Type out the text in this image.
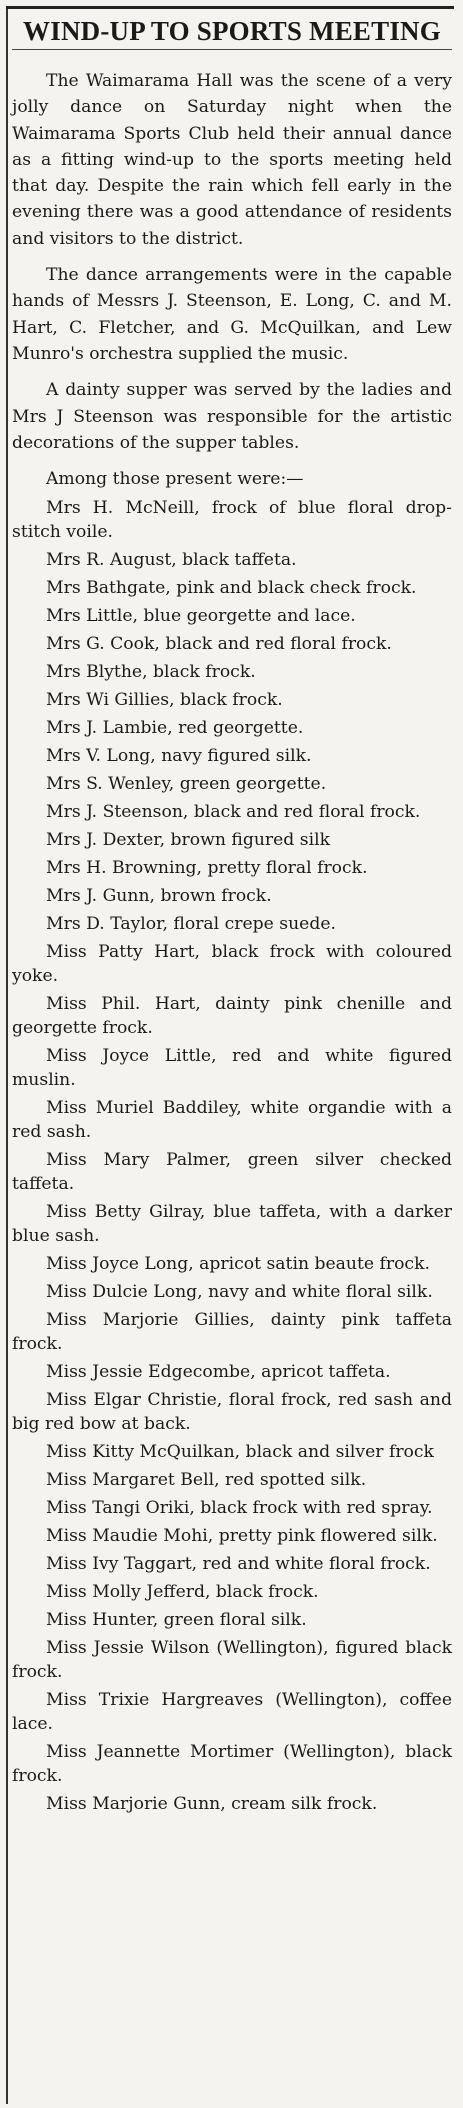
WIND-UP TO SPORTS MEETING

The Waimarama Hall was the scene of a very jolly dance on Saturday night when the Waimarama Sports Club held their annual dance as a fitting wind-up to the sports meeting held that day. Despite the rain which fell early in the evening there was a good attendance of residents and visitors to the district.

The dance arrangements were in the capable hands of Messrs J. Steenson, E. Long, C. and M. Hart, C. Fletcher, and G. McQuilkan, and Lew Munro's orchestra supplied the music.

A dainty supper was served by the ladies and Mrs J Steenson was responsible for the artistic decorations of the supper tables.

Among those present were:—

Mrs H. McNeill, frock of blue floral drop-stitch voile.
Mrs R. August, black taffeta.
Mrs Bathgate, pink and black check frock.
Mrs Little, blue georgette and lace.
Mrs G. Cook, black and red floral frock.
Mrs Blythe, black frock.
Mrs Wi Gillies, black frock.
Mrs J. Lambie, red georgette.
Mrs V. Long, navy figured silk.
Mrs S. Wenley, green georgette.
Mrs J. Steenson, black and red floral frock.
Mrs J. Dexter, brown figured silk
Mrs H. Browning, pretty floral frock.
Mrs J. Gunn, brown frock.
Mrs D. Taylor, floral crepe suede.
Miss Patty Hart, black frock with coloured yoke.
Miss Phil. Hart, dainty pink chenille and georgette frock.
Miss Joyce Little, red and white figured muslin.
Miss Muriel Baddiley, white organdie with a red sash.
Miss Mary Palmer, green silver checked taffeta.
Miss Betty Gilray, blue taffeta, with a darker blue sash.
Miss Joyce Long, apricot satin beaute frock.
Miss Dulcie Long, navy and white floral silk.
Miss Marjorie Gillies, dainty pink taffeta frock.
Miss Jessie Edgecombe, apricot taffeta.
Miss Elgar Christie, floral frock, red sash and big red bow at back.
Miss Kitty McQuilkan, black and silver frock
Miss Margaret Bell, red spotted silk.
Miss Tangi Oriki, black frock with red spray.
Miss Maudie Mohi, pretty pink flowered silk.
Miss Ivy Taggart, red and white floral frock.
Miss Molly Jefferd, black frock.
Miss Hunter, green floral silk.
Miss Jessie Wilson (Wellington), figured black frock.
Miss Trixie Hargreaves (Wellington), coffee lace.
Miss Jeannette Mortimer (Wellington), black frock.
Miss Marjorie Gunn, cream silk frock.
